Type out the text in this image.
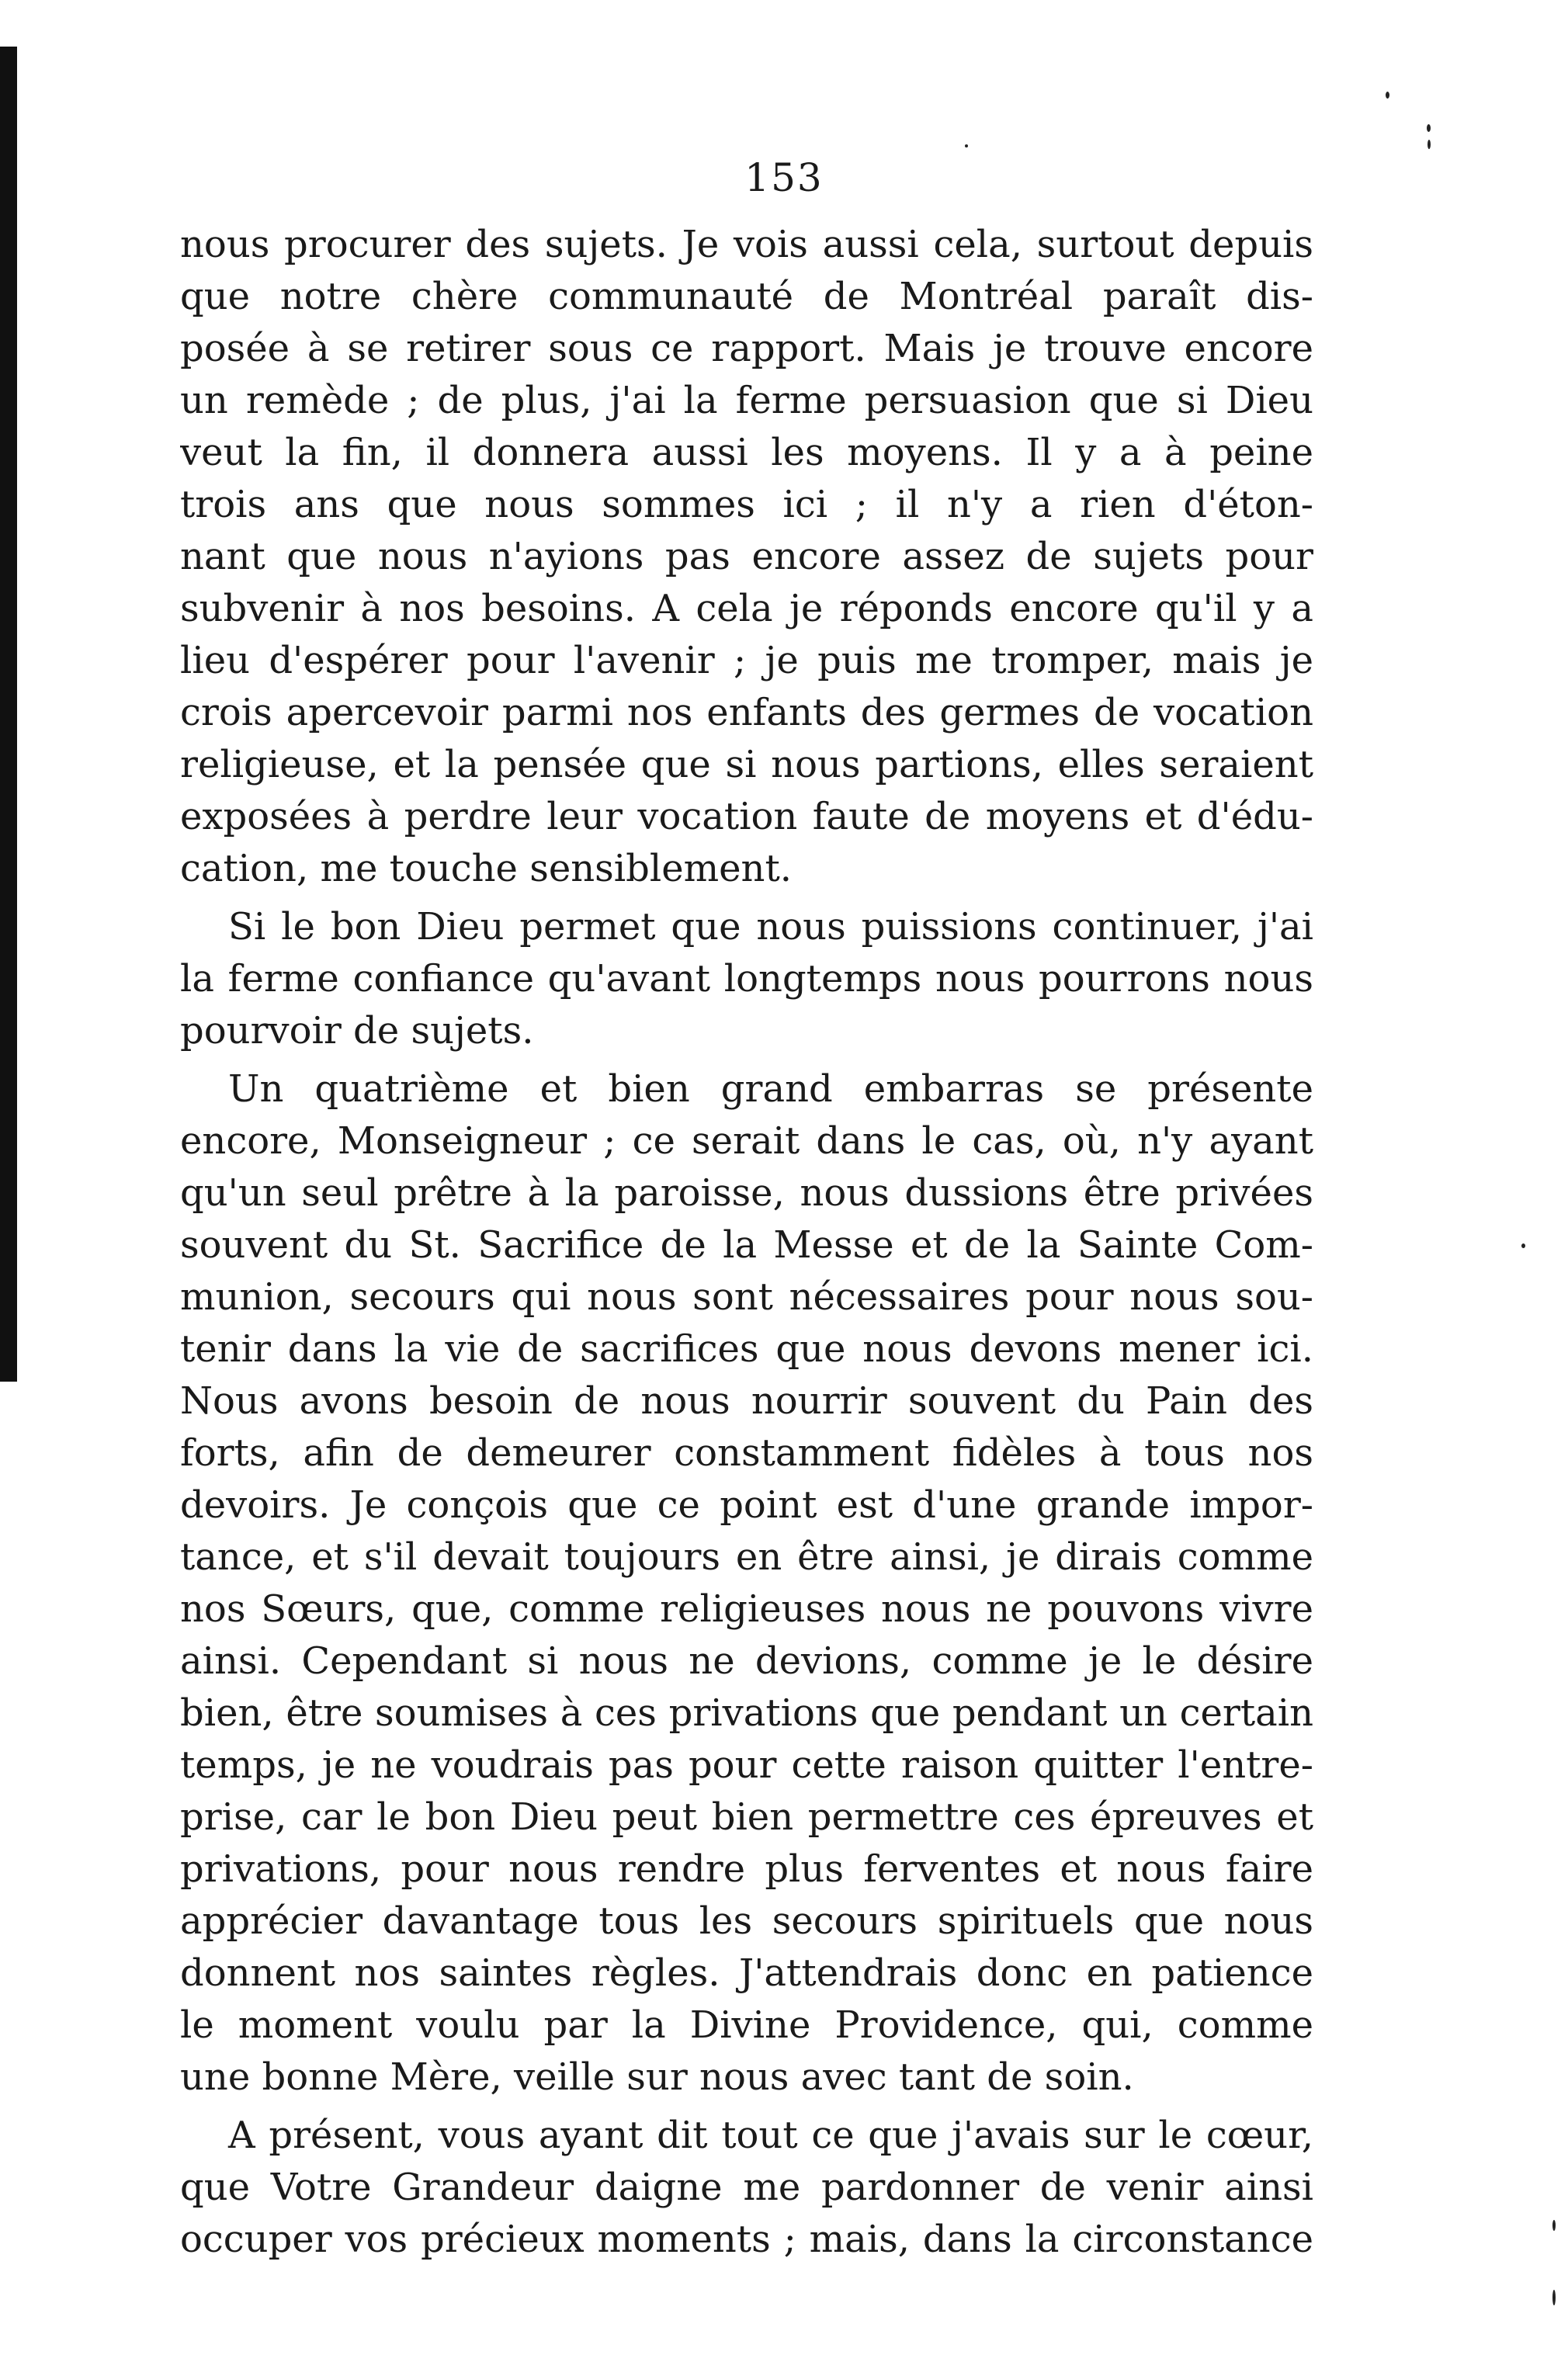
153
nous procurer des sujets. Je vois aussi cela, surtout depuis
que notre chère communauté de Montréal paraît dis-
posée à se retirer sous ce rapport. Mais je trouve encore
un remède ; de plus, j'ai la ferme persuasion que si Dieu
veut la fin, il donnera aussi les moyens. Il y a à peine
trois ans que nous sommes ici ; il n'y a rien d'éton-
nant que nous n'ayions pas encore assez de sujets pour
subvenir à nos besoins. A cela je réponds encore qu'il y a
lieu d'espérer pour l'avenir ; je puis me tromper, mais je
crois apercevoir parmi nos enfants des germes de vocation
religieuse, et la pensée que si nous partions, elles seraient
exposées à perdre leur vocation faute de moyens et d'édu-
cation, me touche sensiblement.
Si le bon Dieu permet que nous puissions continuer, j'ai
la ferme confiance qu'avant longtemps nous pourrons nous
pourvoir de sujets.
Un quatrième et bien grand embarras se présente
encore, Monseigneur ; ce serait dans le cas, où, n'y ayant
qu'un seul prêtre à la paroisse, nous dussions être privées
souvent du St. Sacrifice de la Messe et de la Sainte Com-
munion, secours qui nous sont nécessaires pour nous sou-
tenir dans la vie de sacrifices que nous devons mener ici.
Nous avons besoin de nous nourrir souvent du Pain des
forts, afin de demeurer constamment fidèles à tous nos
devoirs. Je conçois que ce point est d'une grande impor-
tance, et s'il devait toujours en être ainsi, je dirais comme
nos Sœurs, que, comme religieuses nous ne pouvons vivre
ainsi. Cependant si nous ne devions, comme je le désire
bien, être soumises à ces privations que pendant un certain
temps, je ne voudrais pas pour cette raison quitter l'entre-
prise, car le bon Dieu peut bien permettre ces épreuves et
privations, pour nous rendre plus ferventes et nous faire
apprécier davantage tous les secours spirituels que nous
donnent nos saintes règles. J'attendrais donc en patience
le moment voulu par la Divine Providence, qui, comme
une bonne Mère, veille sur nous avec tant de soin.
A présent, vous ayant dit tout ce que j'avais sur le cœur,
que Votre Grandeur daigne me pardonner de venir ainsi
occuper vos précieux moments ; mais, dans la circonstance
